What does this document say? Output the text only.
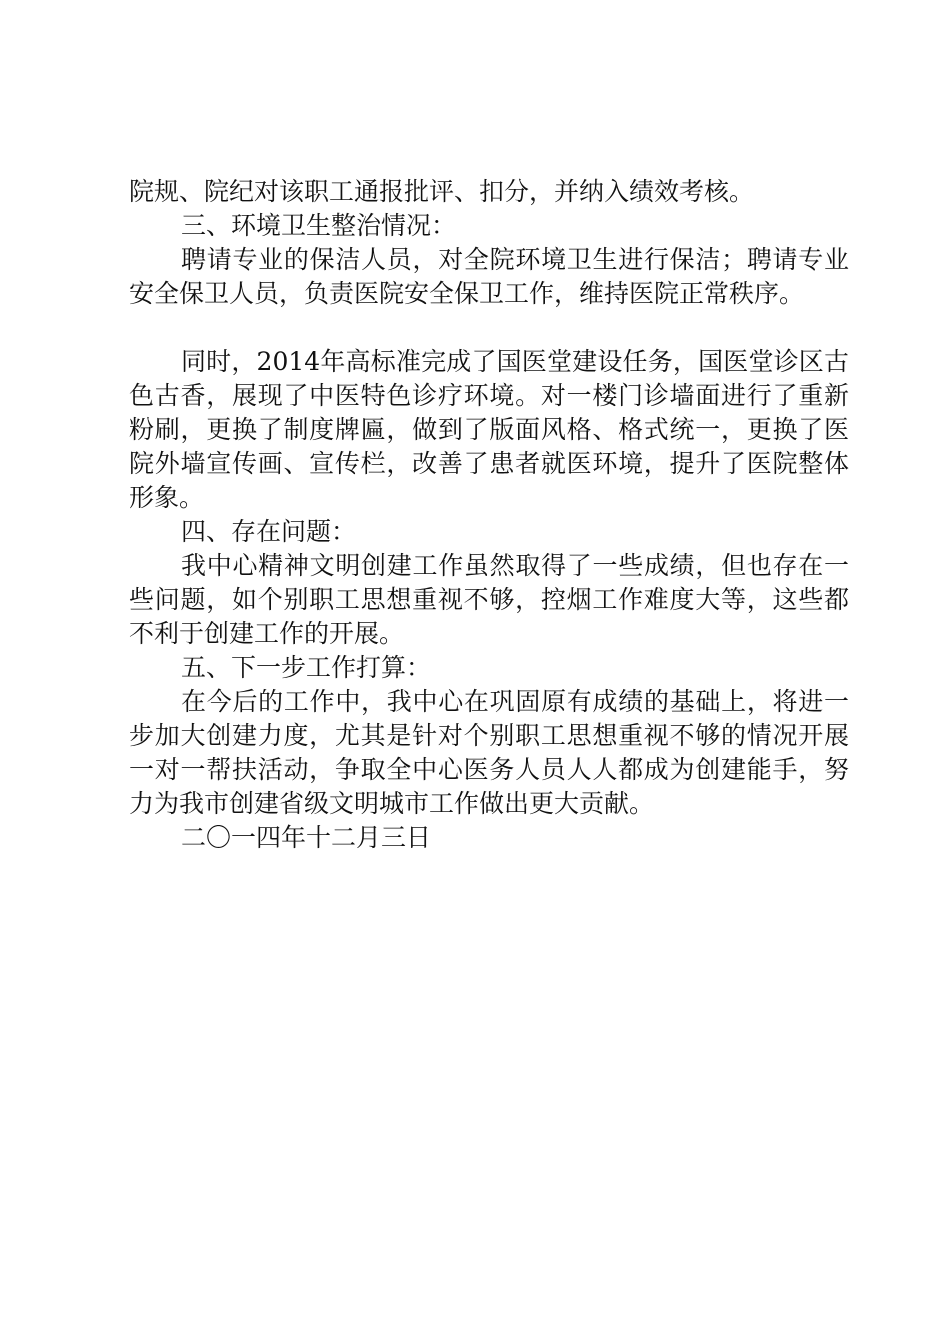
院规、院纪对该职工通报批评、扣分，并纳入绩效考核。

三、环境卫生整治情况：

聘请专业的保洁人员，对全院环境卫生进行保洁；聘请专业安全保卫人员，负责医院安全保卫工作，维持医院正常秩序。

同时，2014年高标准完成了国医堂建设任务，国医堂诊区古色古香，展现了中医特色诊疗环境。对一楼门诊墙面进行了重新粉刷，更换了制度牌匾，做到了版面风格、格式统一，更换了医院外墙宣传画、宣传栏，改善了患者就医环境，提升了医院整体形象。

四、存在问题：

我中心精神文明创建工作虽然取得了一些成绩，但也存在一些问题，如个别职工思想重视不够，控烟工作难度大等，这些都不利于创建工作的开展。

五、下一步工作打算：

在今后的工作中，我中心在巩固原有成绩的基础上，将进一步加大创建力度，尤其是针对个别职工思想重视不够的情况开展一对一帮扶活动，争取全中心医务人员人人都成为创建能手，努力为我市创建省级文明城市工作做出更大贡献。

二〇一四年十二月三日
